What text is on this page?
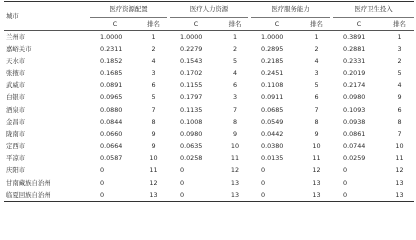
城市	医疗资源配置			医疗人力资源			医疗服务能力			医疗卫生投入	
	C	排名		C	排名		C	排名		C	排名
兰州市	1.0000	1		1.0000	1		1.0000	1		0.3891	1
嘉峪关市	0.2311	2		0.2279	2		0.2895	2		0.2881	3
天水市	0.1852	4		0.1543	5		0.2185	4		0.2331	2
张掖市	0.1685	3		0.1702	4		0.2451	3		0.2019	5
武威市	0.0891	6		0.1155	6		0.1108	5		0.2174	4
白银市	0.0965	5		0.1797	3		0.0911	6		0.0980	9
酒泉市	0.0880	7		0.1135	7		0.0685	7		0.1093	6
金昌市	0.0844	8		0.1008	8		0.0549	8		0.0938	8
陇南市	0.0660	9		0.0980	9		0.0442	9		0.0861	7
定西市	0.0664	9		0.0635	10		0.0380	10		0.0744	10
平凉市	0.0587	10		0.0258	11		0.0135	11		0.0259	11
庆阳市	0	11		0	12		0	12		0	12
甘南藏族自治州	0	12		0	13		0	13		0	13
临夏回族自治州	0	13		0	13		0	13		0	13
